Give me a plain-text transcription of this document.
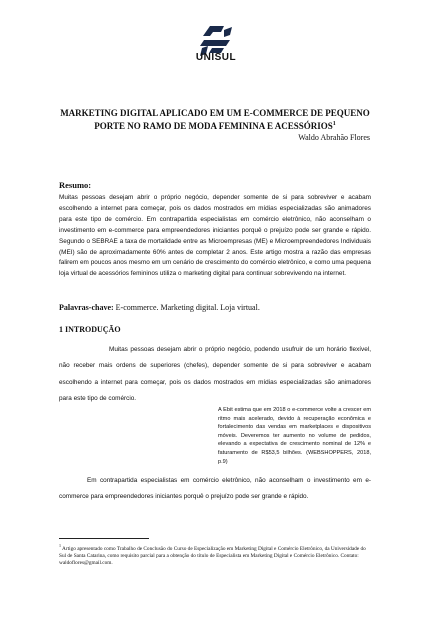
UNISUL
MARKETING DIGITAL APLICADO EM UM E-COMMERCE DE PEQUENO
PORTE NO RAMO DE MODA FEMININA E ACESSÓRIOS$^1$
Waldo Abrahão Flores
Resumo:
Muitas pessoas desejam abrir o próprio negócio, depender somente de si para sobreviver e acabam escolhendo a internet para começar, pois os dados mostrados em mídias especializadas são animadores para este tipo de comércio. Em contrapartida especialistas em comércio eletrônico, não aconselham o investimento em e-commerce para empreendedores iniciantes porquê o prejuízo pode ser grande e rápido. Segundo o SEBRAE a taxa de mortalidade entre as Microempresas (ME) e Microempreendedores Individuais (MEI) são de aproximadamente 60% antes de completar 2 anos. Este artigo mostra a razão das empresas falirem em poucos anos mesmo em um cenário de crescimento do comércio eletrônico, e como uma pequena loja virtual de acessórios femininos utiliza o marketing digital para continuar sobrevivendo na internet.
Palavras-chave: E-commerce. Marketing digital. Loja virtual.
1 INTRODUÇÃO
Muitas pessoas desejam abrir o próprio negócio, podendo usufruir de um horário flexível, não receber mais ordens de superiores (chefes), depender somente de si para sobreviver e acabam escolhendo a internet para começar, pois os dados mostrados em mídias especializadas são animadores para este tipo de comércio.
A Ebit estima que em 2018 o e-commerce volte a crescer em ritmo mais acelerado, devido à recuperação econômica e fortalecimento das vendas em marketplaces e dispositivos móveis. Deveremos ter aumento no volume de pedidos, elevando a expectativa de crescimento nominal de 12% e faturamento de R$53,5 bilhões. (WEBSHOPPERS, 2018, p.9)
Em contrapartida especialistas em comércio eletrônico, não aconselham o investimento em e-commerce para empreendedores iniciantes porquê o prejuízo pode ser grande e rápido.
$^1$ Artigo apresentado como Trabalho de Conclusão do Curso de Especialização em Marketing Digital e Comércio Eletrônico, da Universidade do Sul de Santa Catarina, como requisito parcial para a obtenção do título de Especialista em Marketing Digital e Comércio Eletrônico. Contato: waldoflores@gmail.com.
